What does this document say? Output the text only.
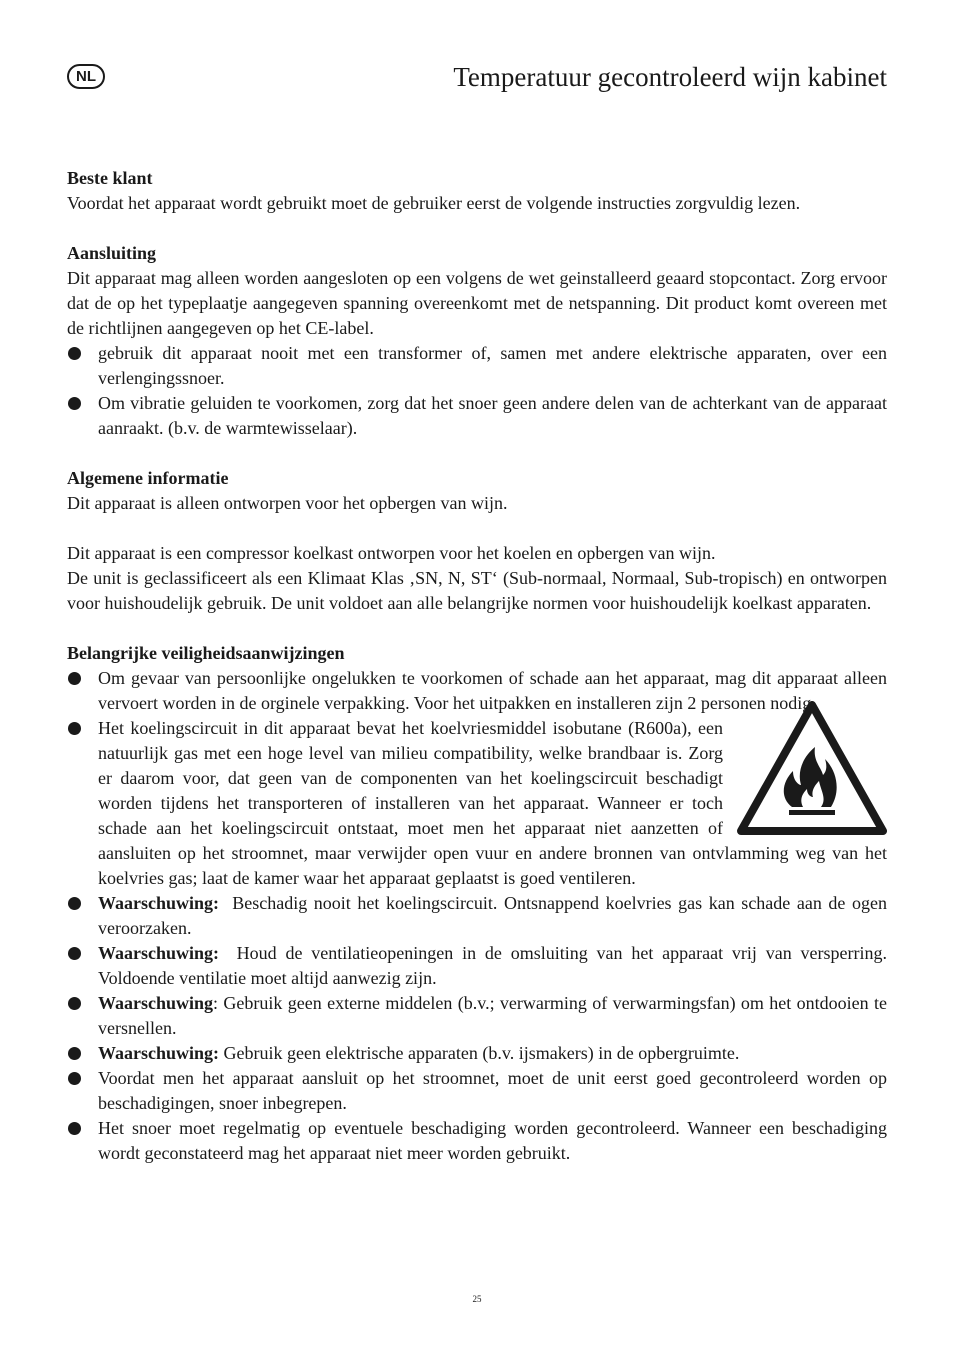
NL	Temperatuur gecontroleerd wijn kabinet

Beste klant

Voordat het apparaat wordt gebruikt moet de gebruiker eerst de volgende instructies zorgvuldig lezen.

Aansluiting

Dit apparaat mag alleen worden aangesloten op een volgens de wet geinstalleerd geaard stopcontact. Zorg ervoor dat de op het typeplaatje aangegeven spanning overeenkomt met de netspanning. Dit product komt overeen met de richtlijnen aangegeven op het CE-label.

gebruik dit apparaat nooit met een transformer of, samen met andere elektrische apparaten, over een verlengingssnoer.
Om vibratie geluiden te voorkomen, zorg dat het snoer geen andere delen van de achterkant van de apparaat aanraakt. (b.v. de warmtewisselaar).

Algemene informatie

Dit apparaat is alleen ontworpen voor het opbergen van wijn.

Dit apparaat is een compressor koelkast ontworpen voor het koelen en opbergen van wijn.

De unit is geclassificeert als een Klimaat Klas ‚SN, N, ST‘ (Sub-normaal, Normaal, Sub-tropisch) en ontworpen voor huishoudelijk gebruik. De unit voldoet aan alle belangrijke normen voor huishoudelijk koelkast apparaten.

Belangrijke veiligheidsaanwijzingen

Om gevaar van persoonlijke ongelukken te voorkomen of schade aan het apparaat, mag dit apparaat alleen vervoert worden in de orginele verpakking. Voor het uitpakken en installeren zijn 2 personen nodig.
Het koelingscircuit in dit apparaat bevat het koelvriesmiddel isobutane (R600a), een natuurlijk gas met een hoge level van milieu compatibility, welke brandbaar is. Zorg er daarom voor, dat geen van de componenten van het koelingscircuit beschadigt worden tijdens het transporteren of installeren van het apparaat. Wanneer er toch schade aan het koelingscircuit ontstaat, moet men het apparaat niet aanzetten of aansluiten op het stroomnet, maar verwijder open vuur en andere bronnen van ontvlamming weg van het koelvries gas; laat de kamer waar het apparaat geplaatst is goed ventileren.
Waarschuwing: Beschadig nooit het koelingscircuit. Ontsnappend koelvries gas kan schade aan de ogen veroorzaken.
Waarschuwing: Houd de ventilatieopeningen in de omsluiting van het apparaat vrij van versperring. Voldoende ventilatie moet altijd aanwezig zijn.
Waarschuwing: Gebruik geen externe middelen (b.v.; verwarming of verwarmingsfan) om het ontdooien te versnellen.
Waarschuwing: Gebruik geen elektrische apparaten (b.v. ijsmakers) in de opbergruimte.
Voordat men het apparaat aansluit op het stroomnet, moet de unit eerst goed gecontroleerd worden op beschadigingen, snoer inbegrepen.
Het snoer moet regelmatig op eventuele beschadiging worden gecontroleerd. Wanneer een beschadiging wordt geconstateerd mag het apparaat niet meer worden gebruikt.
25
